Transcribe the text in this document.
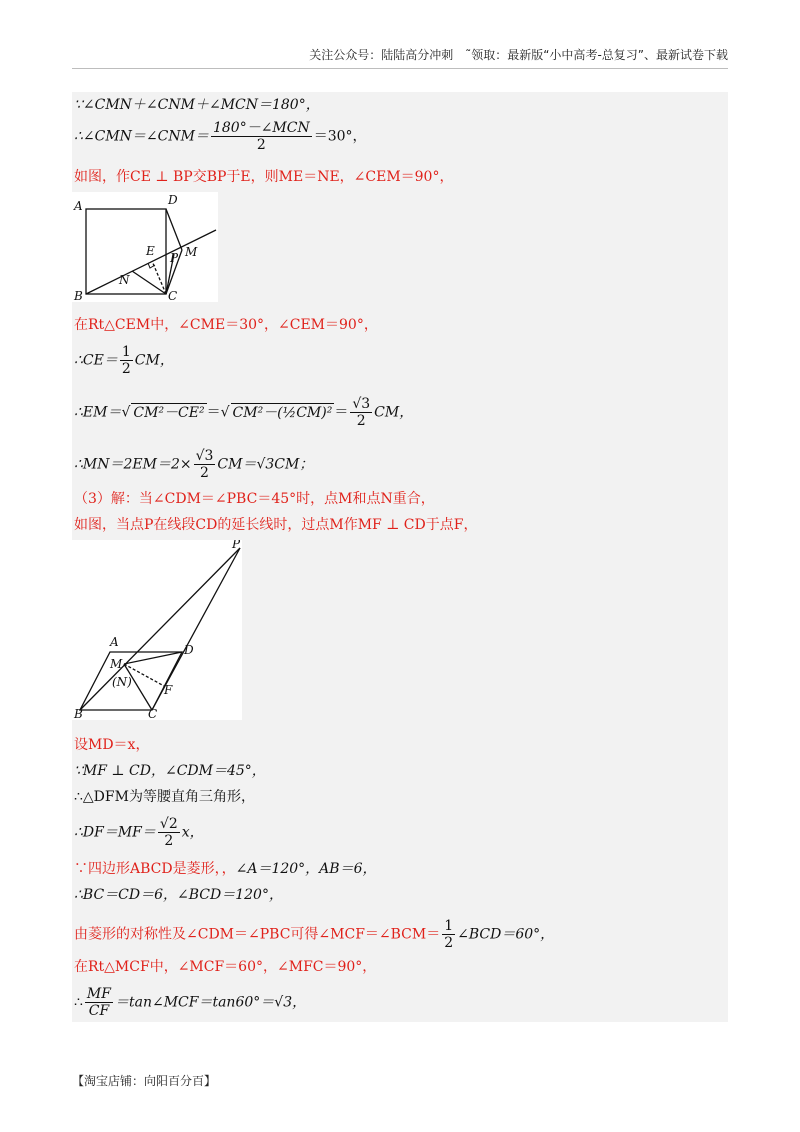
关注公众号：陆陆高分冲刺　˜领取：最新版“小中高考-总复习”、最新试卷下载
∵∠CMN＋∠CNM＋∠MCN＝180°，
∴∠CMN＝∠CNM＝ $\frac{\text{180°－∠MCN}}{2} =30^\circ$，
如图，作CE ⊥ BP交BP于E，则ME＝NE，∠CEM＝90°，
A	D
B	C
E P M
N
在Rt△CEM中，∠CME＝30°，∠CEM＝90°，
∴CE＝ $\frac{1}{2}$ CM，
∴EM＝√ CM²－CE² ＝√ CM²－(½CM)² ＝ $\frac{√3}{2}$ CM，
∴MN＝2EM＝2× $\frac{√3}{2} CM=√3CM$；
（3）解：当∠CDM＝∠PBC＝45°时，点M和点N重合，
如图，当点P在线段CD的延长线时，过点M作MF ⊥ CD于点F，
P
A
D
M
(N)
F
B	C
设MD＝x，
∵MF ⊥ CD，∠CDM＝45°，
∴△DFM为等腰直角三角形，
∴DF＝MF＝ $\frac{√2}{2}$ x，
∵四边形ABCD是菱形，，∠A＝120°，AB＝6，
∴BC＝CD＝6，∠BCD＝120°，
由菱形的对称性及∠CDM＝∠PBC可得∠MCF＝∠BCM＝ $\frac{1}{2}$ ∠BCD＝60°，
在Rt△MCF中，∠MCF＝60°，∠MFC＝90°，
∴ $\frac{MF}{CF}$ ＝tan∠MCF＝tan60°＝√3，
【淘宝店铺：向阳百分百】
